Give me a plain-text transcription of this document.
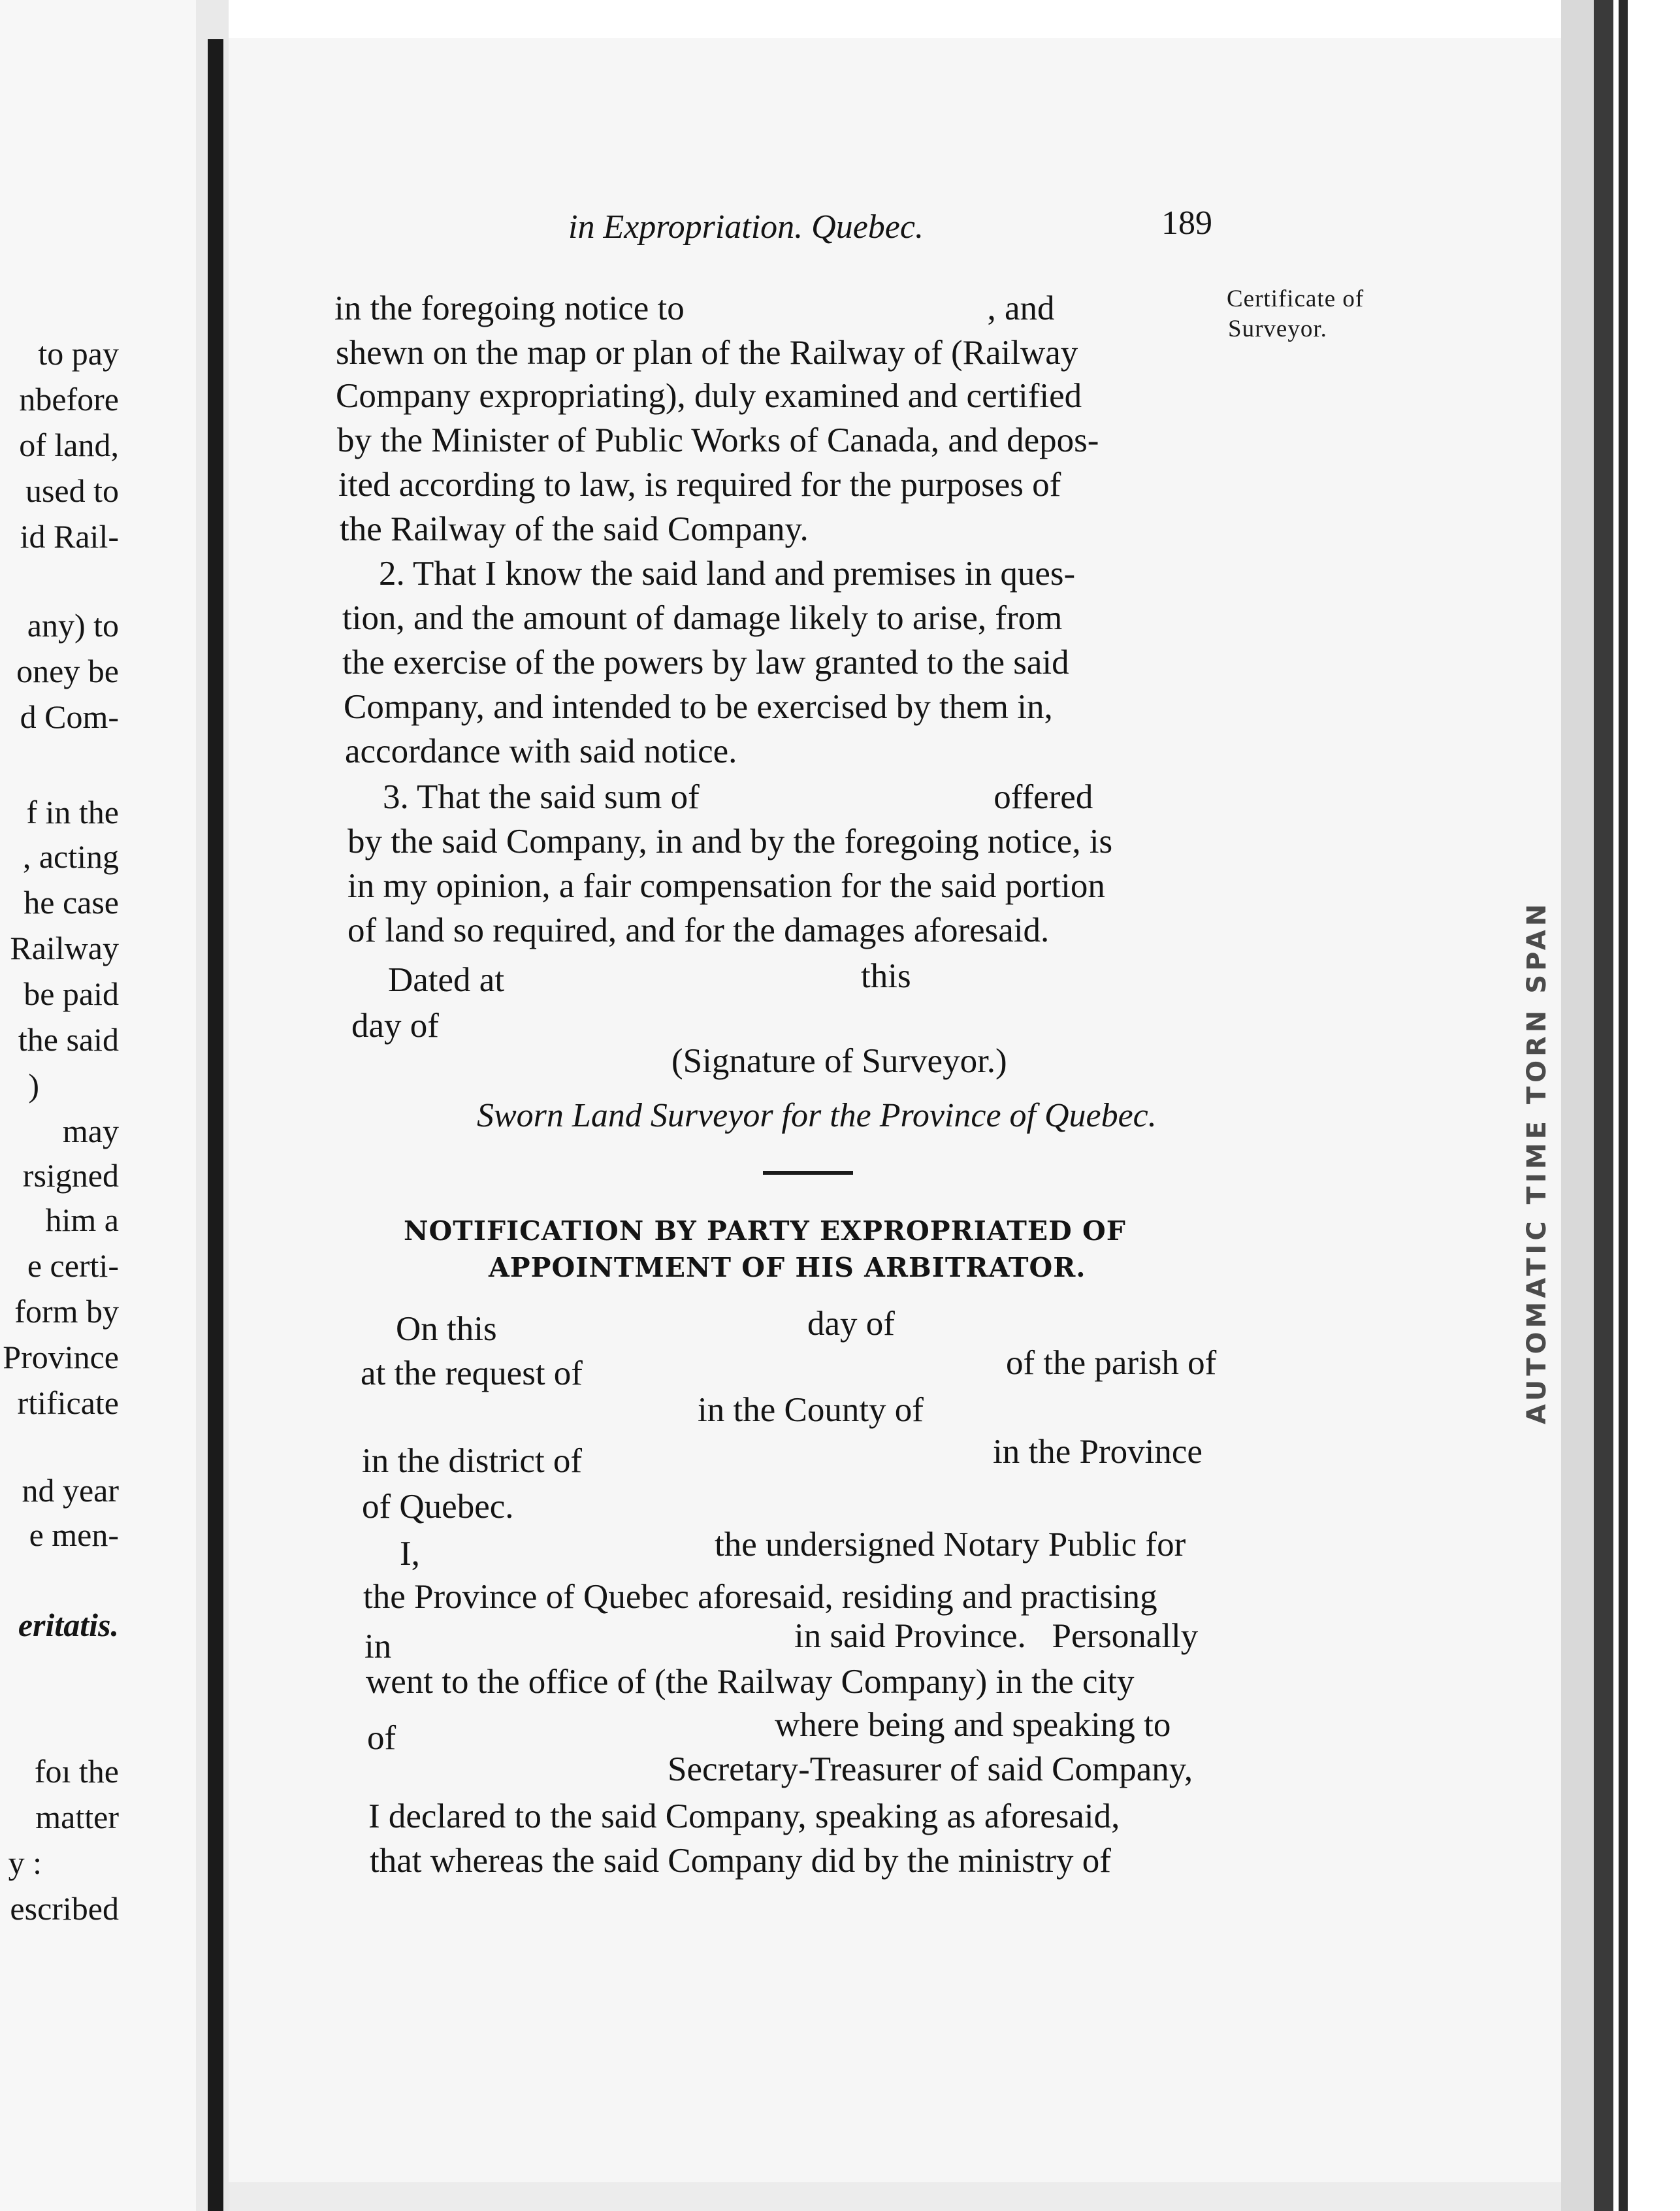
to pay
nbefore
of land,
used to
id Rail-
any) to
oney be
d Com-
f in the
, acting
he case
Railway
be paid
the said
)
may
rsigned
him a
e certi-
form by
Province
rtificate
nd year
e men-
eritatis.
foı the
matter
y :
escribed
in Expropriation. Quebec.	189
Certificate of
Surveyor.
in the foregoing notice to                                   , and
shewn on the map or plan of the Railway of (Railway
Company expropriating), duly examined and certified
by the Minister of Public Works of Canada, and depos-
ited according to law, is required for the purposes of
the Railway of the said Company.
2. That I know the said land and premises in ques-
tion, and the amount of damage likely to arise, from
the exercise of the powers by law granted to the said
Company, and intended to be exercised by them in,
accordance with said notice.
3. That the said sum of                                  offered
by the said Company, in and by the foregoing notice, is
in my opinion, a fair compensation for the said portion
of land so required, and for the damages aforesaid.
Dated at	this
day of
(Signature of Surveyor.)
Sworn Land Surveyor for the Province of Quebec.
NOTIFICATION BY PARTY EXPROPRIATED OF
APPOINTMENT OF HIS ARBITRATOR.
On this	day of
at the request of	of the parish of
in the County of
in the district of	in the Province
of Quebec.
I,	the undersigned Notary Public for
the Province of Quebec aforesaid, residing and practising
in	in said Province.   Personally
went to the office of (the Railway Company) in the city
of	where being and speaking to
Secretary-Treasurer of said Company,
I declared to the said Company, speaking as aforesaid,
that whereas the said Company did by the ministry of
AUTOMATIC TIME TORN SPAN
